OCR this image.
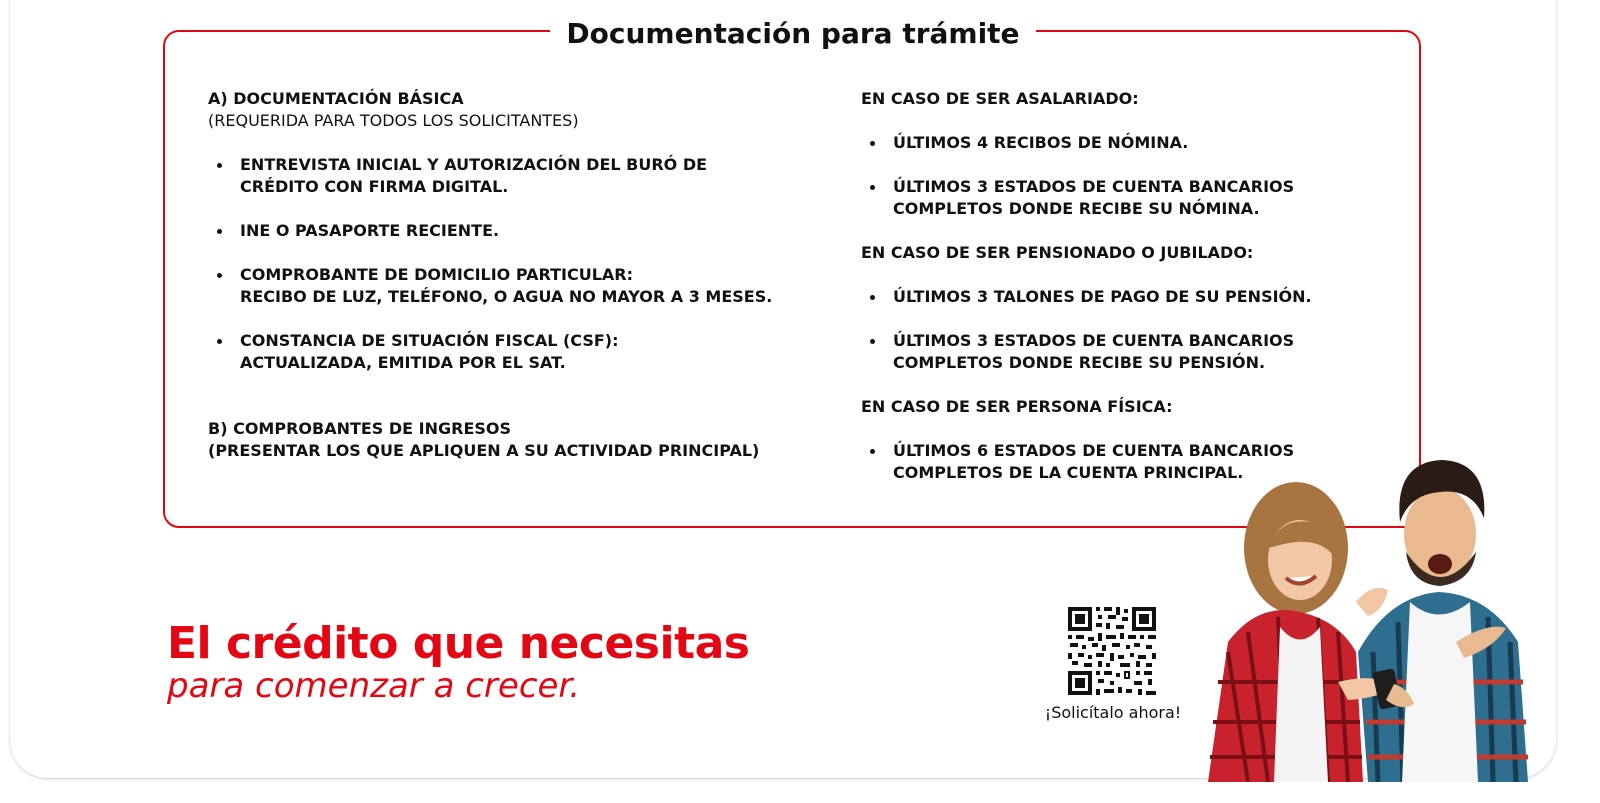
Documentación para trámite

A) DOCUMENTACIÓN BÁSICA

(REQUERIDA PARA TODOS LOS SOLICITANTES)

ENTREVISTA INICIAL Y AUTORIZACIÓN DEL BURÓ DE
CRÉDITO CON FIRMA DIGITAL.
INE O PASAPORTE RECIENTE.
COMPROBANTE DE DOMICILIO PARTICULAR:
RECIBO DE LUZ, TELÉFONO, O AGUA NO MAYOR A 3 MESES.
CONSTANCIA DE SITUACIÓN FISCAL (CSF):
ACTUALIZADA, EMITIDA POR EL SAT.

B) COMPROBANTES DE INGRESOS

(PRESENTAR LOS QUE APLIQUEN A SU ACTIVIDAD PRINCIPAL)

EN CASO DE SER ASALARIADO:

ÚLTIMOS 4 RECIBOS DE NÓMINA.
ÚLTIMOS 3 ESTADOS DE CUENTA BANCARIOS
COMPLETOS DONDE RECIBE SU NÓMINA.

EN CASO DE SER PENSIONADO O JUBILADO:

ÚLTIMOS 3 TALONES DE PAGO DE SU PENSIÓN.
ÚLTIMOS 3 ESTADOS DE CUENTA BANCARIOS
COMPLETOS DONDE RECIBE SU PENSIÓN.

EN CASO DE SER PERSONA FÍSICA:

ÚLTIMOS 6 ESTADOS DE CUENTA BANCARIOS
COMPLETOS DE LA CUENTA PRINCIPAL.
El crédito que necesitas
para comenzar a crecer.
¡Solicítalo ahora!
